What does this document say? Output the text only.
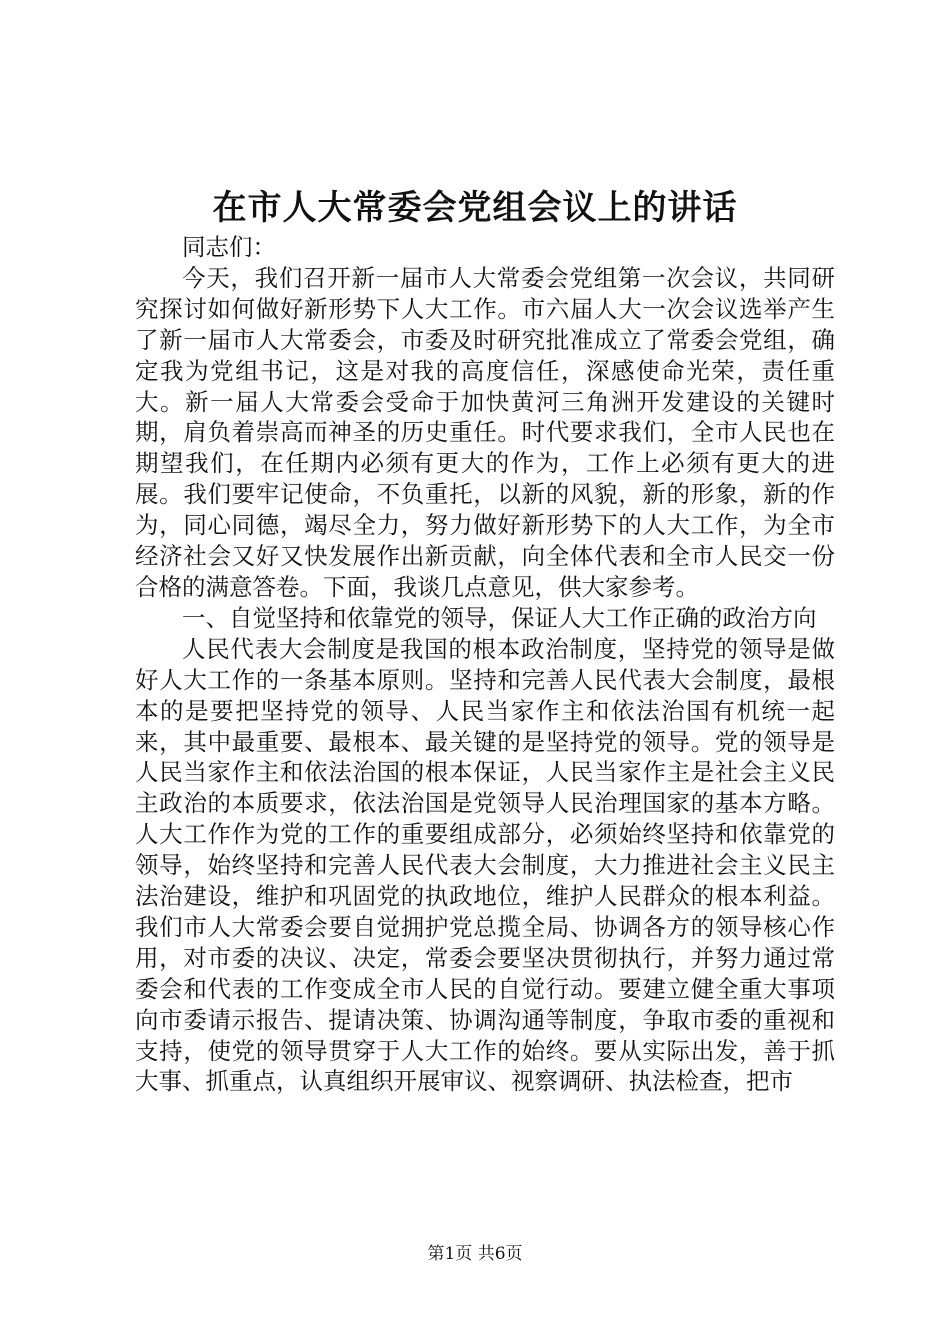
在市人大常委会党组会议上的讲话

同志们：

今天，我们召开新一届市人大常委会党组第一次会议，共同研究探讨如何做好新形势下人大工作。市六届人大一次会议选举产生了新一届市人大常委会，市委及时研究批准成立了常委会党组，确定我为党组书记，这是对我的高度信任，深感使命光荣，责任重大。新一届人大常委会受命于加快黄河三角洲开发建设的关键时期，肩负着崇高而神圣的历史重任。时代要求我们，全市人民也在期望我们，在任期内必须有更大的作为，工作上必须有更大的进展。我们要牢记使命，不负重托，以新的风貌，新的形象，新的作为，同心同德，竭尽全力，努力做好新形势下的人大工作，为全市经济社会又好又快发展作出新贡献，向全体代表和全市人民交一份合格的满意答卷。下面，我谈几点意见，供大家参考。

一、自觉坚持和依靠党的领导，保证人大工作正确的政治方向

人民代表大会制度是我国的根本政治制度，坚持党的领导是做好人大工作的一条基本原则。坚持和完善人民代表大会制度，最根本的是要把坚持党的领导、人民当家作主和依法治国有机统一起来，其中最重要、最根本、最关键的是坚持党的领导。党的领导是人民当家作主和依法治国的根本保证，人民当家作主是社会主义民主政治的本质要求，依法治国是党领导人民治理国家的基本方略。人大工作作为党的工作的重要组成部分，必须始终坚持和依靠党的领导，始终坚持和完善人民代表大会制度，大力推进社会主义民主法治建设，维护和巩固党的执政地位，维护人民群众的根本利益。我们市人大常委会要自觉拥护党总揽全局、协调各方的领导核心作用，对市委的决议、决定，常委会要坚决贯彻执行，并努力通过常委会和代表的工作变成全市人民的自觉行动。要建立健全重大事项向市委请示报告、提请决策、协调沟通等制度，争取市委的重视和支持，使党的领导贯穿于人大工作的始终。要从实际出发，善于抓大事、抓重点，认真组织开展审议、视察调研、执法检查，把市

第1页 共6页
